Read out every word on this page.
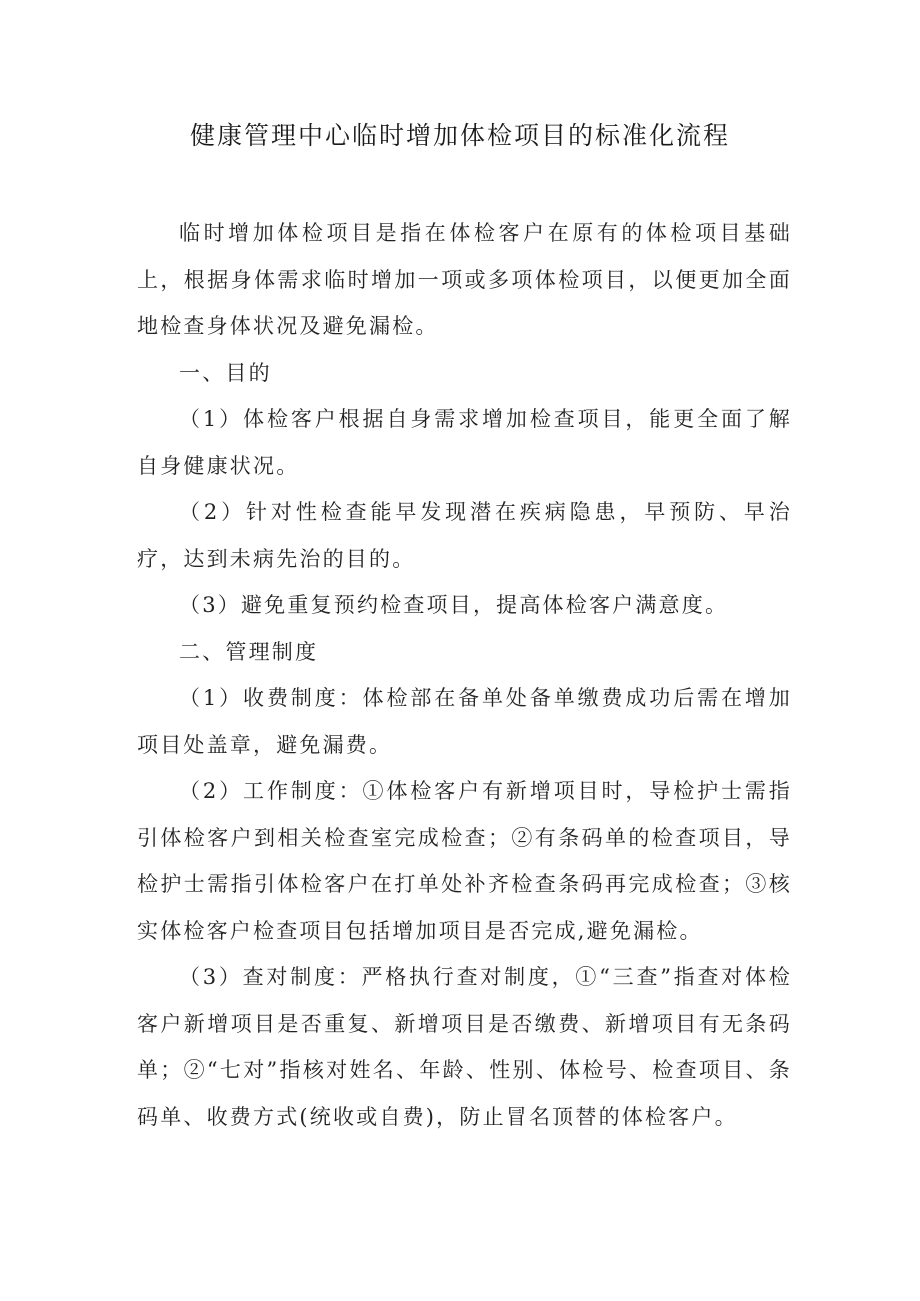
健康管理中心临时增加体检项目的标准化流程

临时增加体检项目是指在体检客户在原有的体检项目基础上，根据身体需求临时增加一项或多项体检项目，以便更加全面地检查身体状况及避免漏检。

一、目的

（1）体检客户根据自身需求增加检查项目，能更全面了解自身健康状况。

（2）针对性检查能早发现潜在疾病隐患，早预防、早治疗，达到未病先治的目的。

（3）避免重复预约检查项目，提高体检客户满意度。

二、管理制度

（1）收费制度：体检部在备单处备单缴费成功后需在增加项目处盖章，避免漏费。

（2）工作制度：①体检客户有新增项目时，导检护士需指引体检客户到相关检查室完成检查；②有条码单的检查项目，导检护士需指引体检客户在打单处补齐检查条码再完成检查；③核实体检客户检查项目包括增加项目是否完成,避免漏检。

（3）查对制度：严格执行查对制度，①“三查”指查对体检客户新增项目是否重复、新增项目是否缴费、新增项目有无条码单；②“七对”指核对姓名、年龄、性别、体检号、检查项目、条码单、收费方式(统收或自费)，防止冒名顶替的体检客户。
